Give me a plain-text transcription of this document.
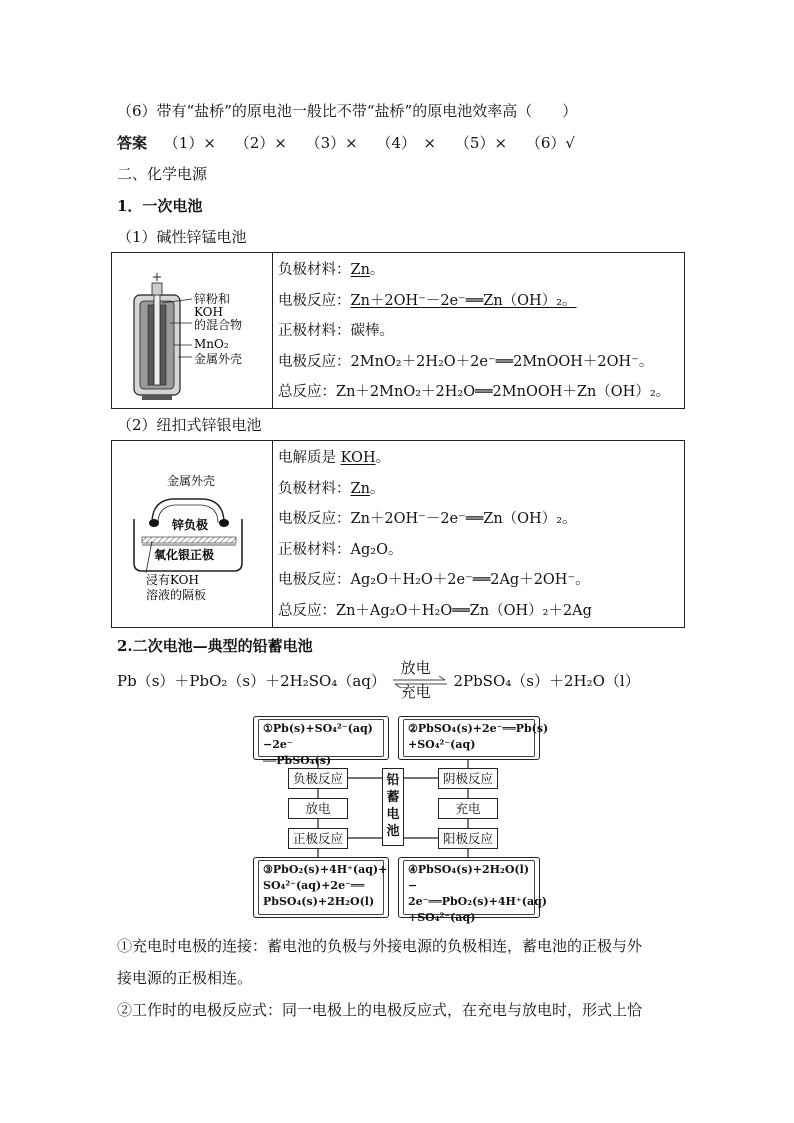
（6）带有“盐桥”的原电池一般比不带“盐桥”的原电池效率高（　　）
答案 （1）× （2）× （3）× （4）　× （5）× （6）√
二、化学电源
1．一次电池
（1）碱性锌锰电池
锌粉和
KOH
的混合物
MnO₂
金属外壳
负极材料：Zn。
电极反应：Zn＋2OH⁻－2e⁻══Zn（OH）₂。
正极材料：碳棒。
电极反应：2MnO₂＋2H₂O＋2e⁻══2MnOOH＋2OH⁻。
总反应：Zn＋2MnO₂＋2H₂O══2MnOOH＋Zn（OH）₂。
（2）纽扣式锌银电池
金属外壳
锌负极
氧化银正极
浸有KOH
溶液的隔板
电解质是 KOH。
负极材料：Zn。
电极反应：Zn＋2OH⁻－2e⁻══Zn（OH）₂。
正极材料：Ag₂O。
电极反应：Ag₂O＋H₂O＋2e⁻══2Ag＋2OH⁻。
总反应：Zn＋Ag₂O＋H₂O══Zn（OH）₂＋2Ag
2.二次电池—典型的铅蓄电池
Pb（s）＋PbO₂（s）＋2H₂SO₄（aq）
放电
充电
2PbSO₄（s）＋2H₂O（l）
①Pb(s)+SO₄²⁻(aq)−2e⁻
══PbSO₄(s)
②PbSO₄(s)+2e⁻══Pb(s)
+SO₄²⁻(aq)
负极反应
放电
正极反应
阴极反应
充电
阳极反应
铅
蓄
电
池
③PbO₂(s)+4H⁺(aq)+
SO₄²⁻(aq)+2e⁻══
PbSO₄(s)+2H₂O(l)
④PbSO₄(s)+2H₂O(l)−
2e⁻══PbO₂(s)+4H⁺(aq)
+SO₄²⁻(aq)
①充电时电极的连接：蓄电池的负极与外接电源的负极相连，蓄电池的正极与外
接电源的正极相连。
②工作时的电极反应式：同一电极上的电极反应式，在充电与放电时，形式上恰
